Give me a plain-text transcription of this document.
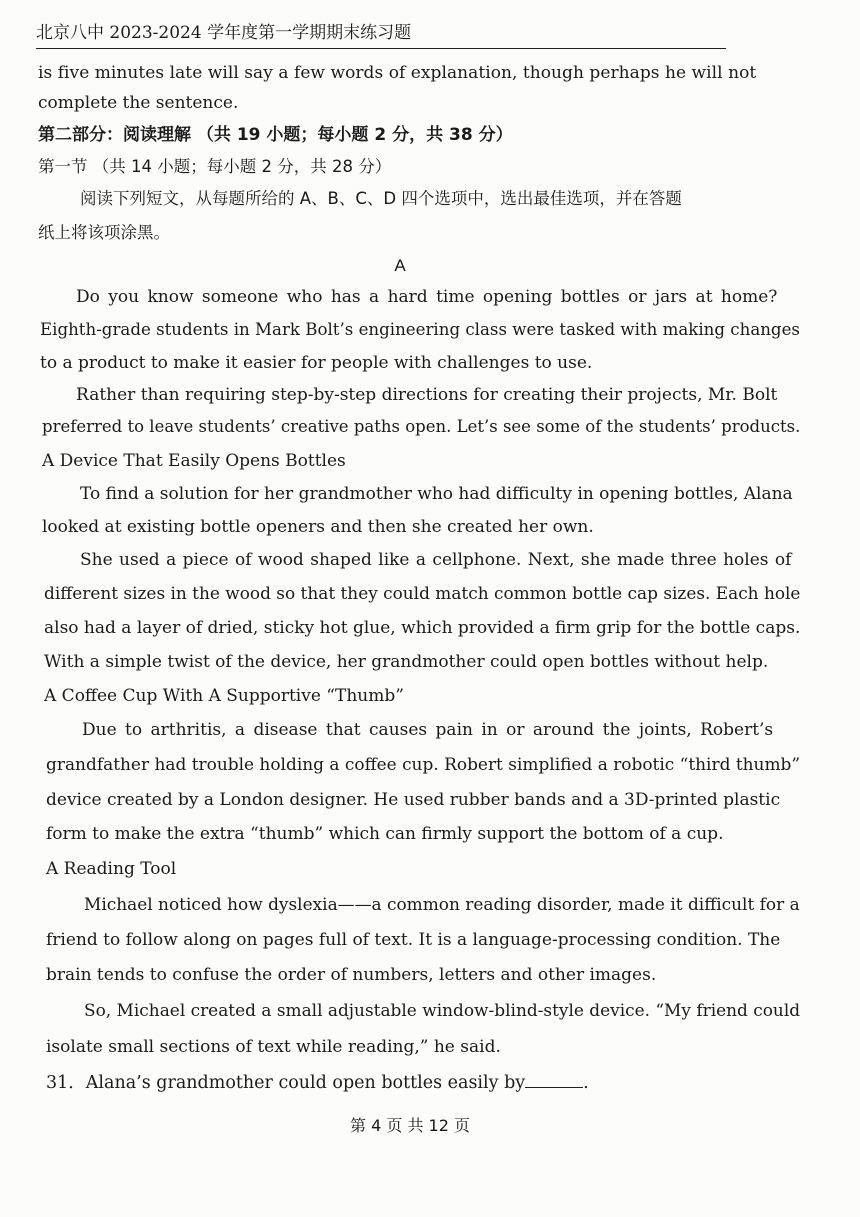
北京八中 2023-2024 学年度第一学期期末练习题
is five minutes late will say a few words of explanation, though perhaps he will not
complete the sentence.
第二部分：阅读理解 （共 19 小题；每小题 2 分，共 38 分）
第一节 （共 14 小题；每小题 2 分，共 28 分）
阅读下列短文，从每题所给的 A、B、C、D 四个选项中，选出最佳选项，并在答题
纸上将该项涂黑。
A
Do you know someone who has a hard time opening bottles or jars at home?
Eighth-grade students in Mark Bolt’s engineering class were tasked with making changes
to a product to make it easier for people with challenges to use.
Rather than requiring step-by-step directions for creating their projects, Mr. Bolt
preferred to leave students’ creative paths open. Let’s see some of the students’ products.
A Device That Easily Opens Bottles
To find a solution for her grandmother who had difficulty in opening bottles, Alana
looked at existing bottle openers and then she created her own.
She used a piece of wood shaped like a cellphone. Next, she made three holes of
different sizes in the wood so that they could match common bottle cap sizes. Each hole
also had a layer of dried, sticky hot glue, which provided a firm grip for the bottle caps.
With a simple twist of the device, her grandmother could open bottles without help.
A Coffee Cup With A Supportive “Thumb”
Due to arthritis, a disease that causes pain in or around the joints, Robert’s
grandfather had trouble holding a coffee cup. Robert simplified a robotic “third thumb”
device created by a London designer. He used rubber bands and a 3D-printed plastic
form to make the extra “thumb” which can firmly support the bottom of a cup.
A Reading Tool
Michael noticed how dyslexia——a common reading disorder, made it difficult for a
friend to follow along on pages full of text. It is a language-processing condition. The
brain tends to confuse the order of numbers, letters and other images.
So, Michael created a small adjustable window-blind-style device. “My friend could
isolate small sections of text while reading,” he said.
31．Alana’s grandmother could open bottles easily by	.
第 4 页 共 12 页
